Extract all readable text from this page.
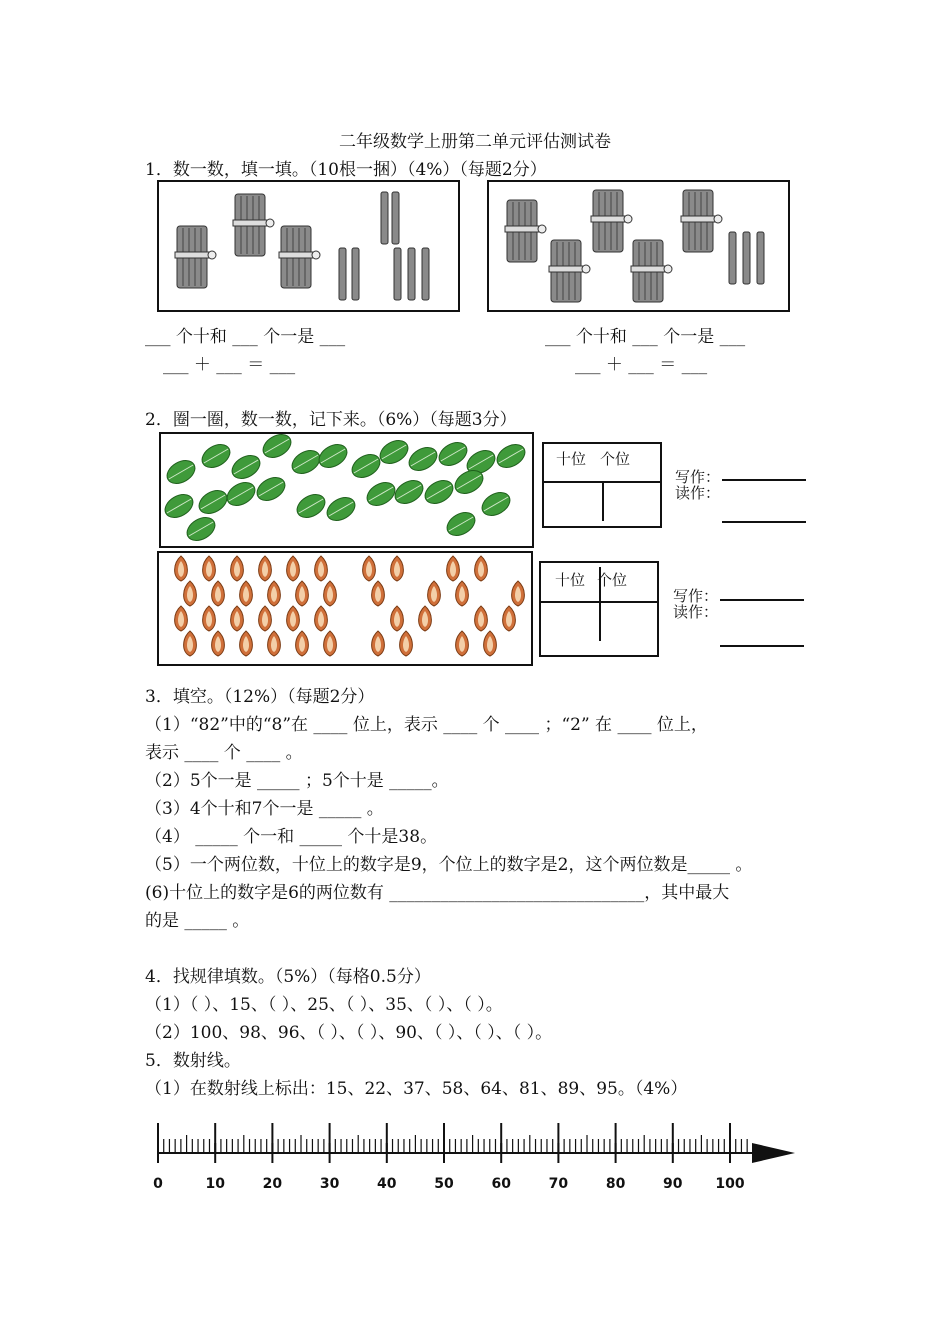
二年级数学上册第二单元评估测试卷
1．数一数，填一填。（10根一捆）（4%）（每题2分）
___ 个十和 ___ 个一是 ___
___ ＋ ___ ＝ ___
___ 个十和 ___ 个一是 ___
___ ＋ ___ ＝ ___
2．圈一圈，数一数，记下来。（6%）（每题3分）
十位 个位
写作：
读作：
十位 个位
写作：
读作：
3．填空。（12%）（每题2分）
（1）“82”中的“8”在 ____ 位上，表示 ____ 个 ____ ；“2” 在 ____ 位上，
表示 ____ 个 ____ 。
（2）5个一是 _____ ；5个十是 _____。
（3）4个十和7个一是 _____ 。
（4） _____ 个一和 _____ 个十是38。
（5）一个两位数，十位上的数字是9，个位上的数字是2，这个两位数是_____ 。
(6)十位上的数字是6的两位数有 ______________________________，其中最大
的是 _____ 。
4．找规律填数。（5%）（每格0.5分）
（1）（ ）、15、（ ）、25、（ ）、35、（ ）、（ ）。
（2）100、98、96、（ ）、（ ）、90、（ ）、（ ）、（ ）。
5．数射线。
（1）在数射线上标出：15、22、37、58、64、81、89、95。（4%）
0	10	20	30	40	50	60	70	80	90 100
